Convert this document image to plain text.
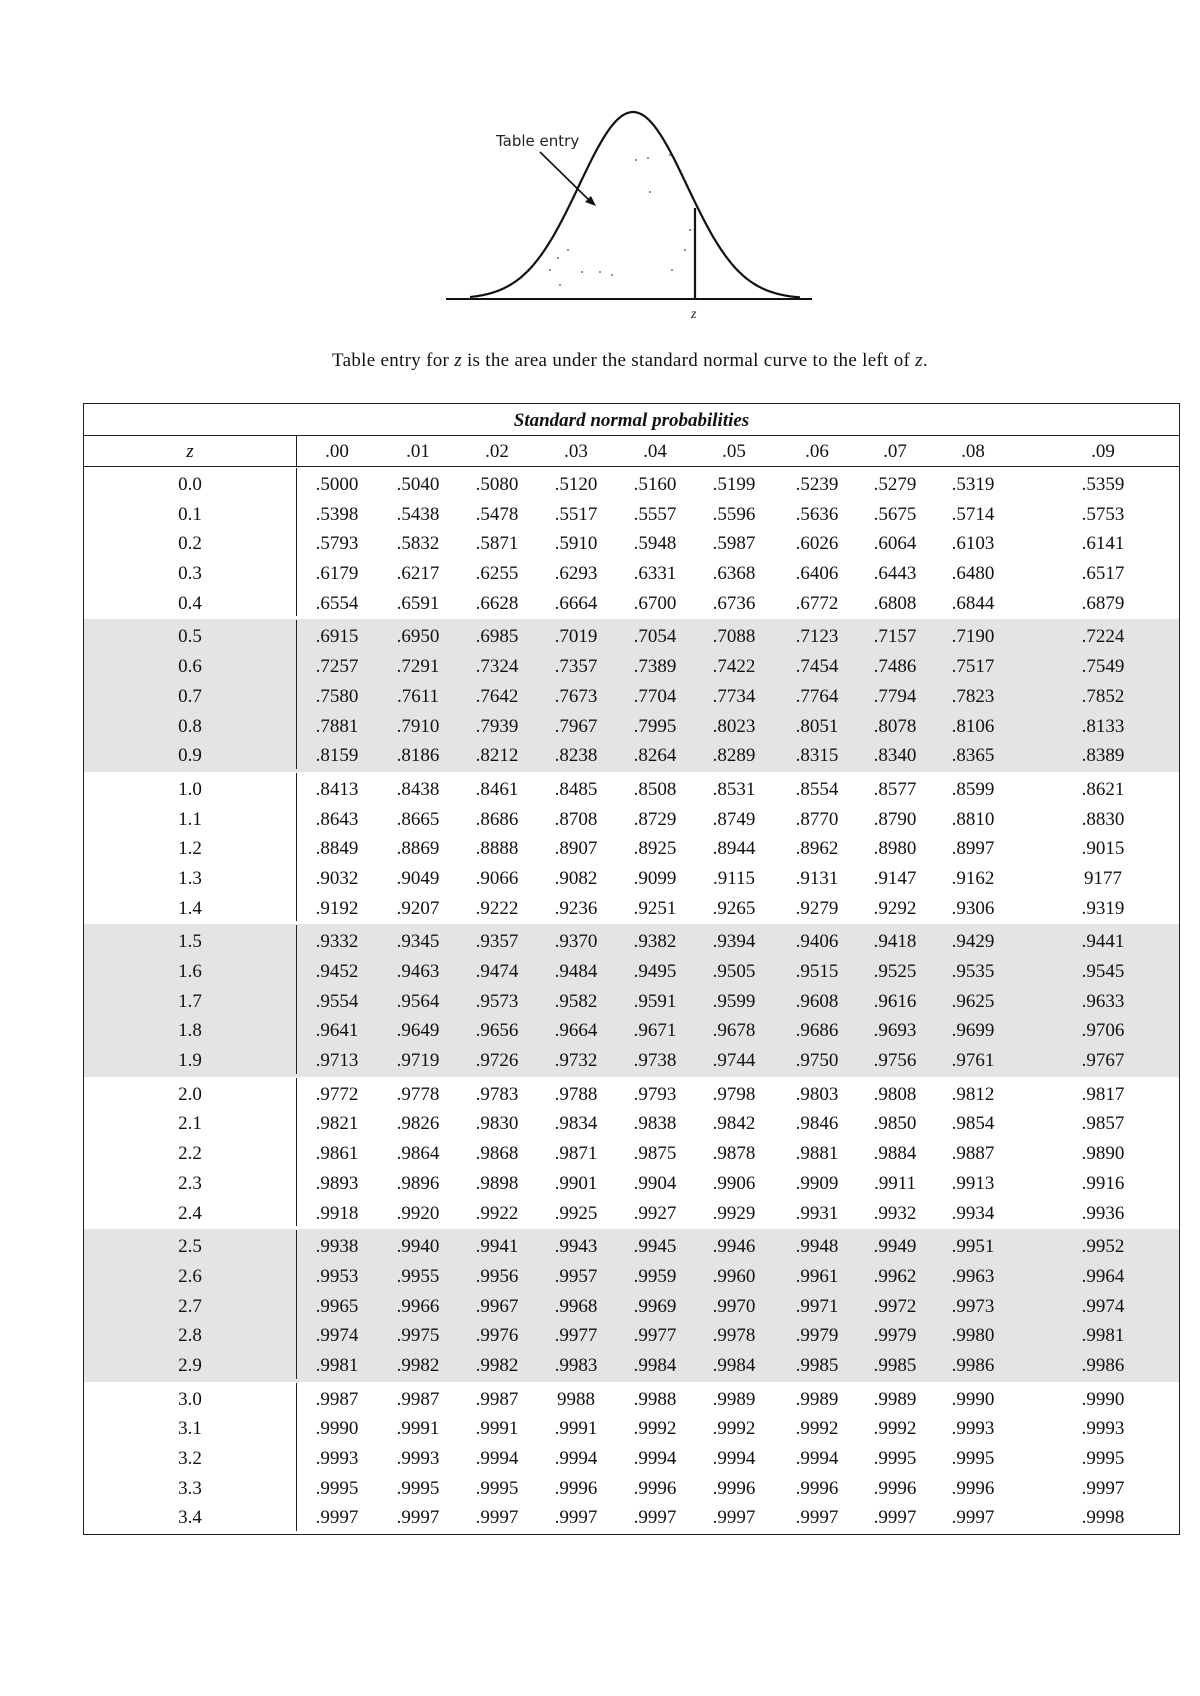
Table entry
z
Table entry for z is the area under the standard normal curve to the left of z.
Standard normal probabilities
z	.00	.01	.02	.03	.04	.05	.06	.07	.08	.09
0.0	.5000 .5040 .5080 .5120 .5160 .5199 .5239 .5279 .5319	.5359
0.1	.5398 .5438 .5478 .5517 .5557 .5596 .5636 .5675 .5714	.5753
0.2	.5793 .5832 .5871 .5910 .5948 .5987 .6026 .6064 .6103	.6141
0.3	.6179 .6217 .6255 .6293 .6331 .6368 .6406 .6443 .6480	.6517
0.4	.6554 .6591 .6628 .6664 .6700 .6736 .6772 .6808 .6844	.6879
0.5	.6915 .6950 .6985 .7019 .7054 .7088 .7123 .7157 .7190	.7224
0.6	.7257 .7291 .7324 .7357 .7389 .7422 .7454 .7486 .7517	.7549
0.7	.7580 .7611 .7642 .7673 .7704 .7734 .7764 .7794 .7823	.7852
0.8	.7881 .7910 .7939 .7967 .7995 .8023 .8051 .8078 .8106	.8133
0.9	.8159 .8186 .8212 .8238 .8264 .8289 .8315 .8340 .8365	.8389
1.0	.8413 .8438 .8461 .8485 .8508 .8531 .8554 .8577 .8599	.8621
1.1	.8643 .8665 .8686 .8708 .8729 .8749 .8770 .8790 .8810	.8830
1.2	.8849 .8869 .8888 .8907 .8925 .8944 .8962 .8980 .8997	.9015
1.3	.9032 .9049 .9066 .9082 .9099 .9115 .9131 .9147 .9162	9177
1.4	.9192 .9207 .9222 .9236 .9251 .9265 .9279 .9292 .9306	.9319
1.5	.9332 .9345 .9357 .9370 .9382 .9394 .9406 .9418 .9429	.9441
1.6	.9452 .9463 .9474 .9484 .9495 .9505 .9515 .9525 .9535	.9545
1.7	.9554 .9564 .9573 .9582 .9591 .9599 .9608 .9616 .9625	.9633
1.8	.9641 .9649 .9656 .9664 .9671 .9678 .9686 .9693 .9699	.9706
1.9	.9713 .9719 .9726 .9732 .9738 .9744 .9750 .9756 .9761	.9767
2.0	.9772 .9778 .9783 .9788 .9793 .9798 .9803 .9808 .9812	.9817
2.1	.9821 .9826 .9830 .9834 .9838 .9842 .9846 .9850 .9854	.9857
2.2	.9861 .9864 .9868 .9871 .9875 .9878 .9881 .9884 .9887	.9890
2.3	.9893 .9896 .9898 .9901 .9904 .9906 .9909 .9911 .9913	.9916
2.4	.9918 .9920 .9922 .9925 .9927 .9929 .9931 .9932 .9934	.9936
2.5	.9938 .9940 .9941 .9943 .9945 .9946 .9948 .9949 .9951	.9952
2.6	.9953 .9955 .9956 .9957 .9959 .9960 .9961 .9962 .9963	.9964
2.7	.9965 .9966 .9967 .9968 .9969 .9970 .9971 .9972 .9973	.9974
2.8	.9974 .9975 .9976 .9977 .9977 .9978 .9979 .9979 .9980	.9981
2.9	.9981 .9982 .9982 .9983 .9984 .9984 .9985 .9985 .9986	.9986
3.0	.9987 .9987 .9987 9988 .9988 .9989 .9989 .9989 .9990	.9990
3.1	.9990 .9991 .9991 .9991 .9992 .9992 .9992 .9992 .9993	.9993
3.2	.9993 .9993 .9994 .9994 .9994 .9994 .9994 .9995 .9995	.9995
3.3	.9995 .9995 .9995 .9996 .9996 .9996 .9996 .9996 .9996	.9997
3.4	.9997 .9997 .9997 .9997 .9997 .9997 .9997 .9997 .9997	.9998
